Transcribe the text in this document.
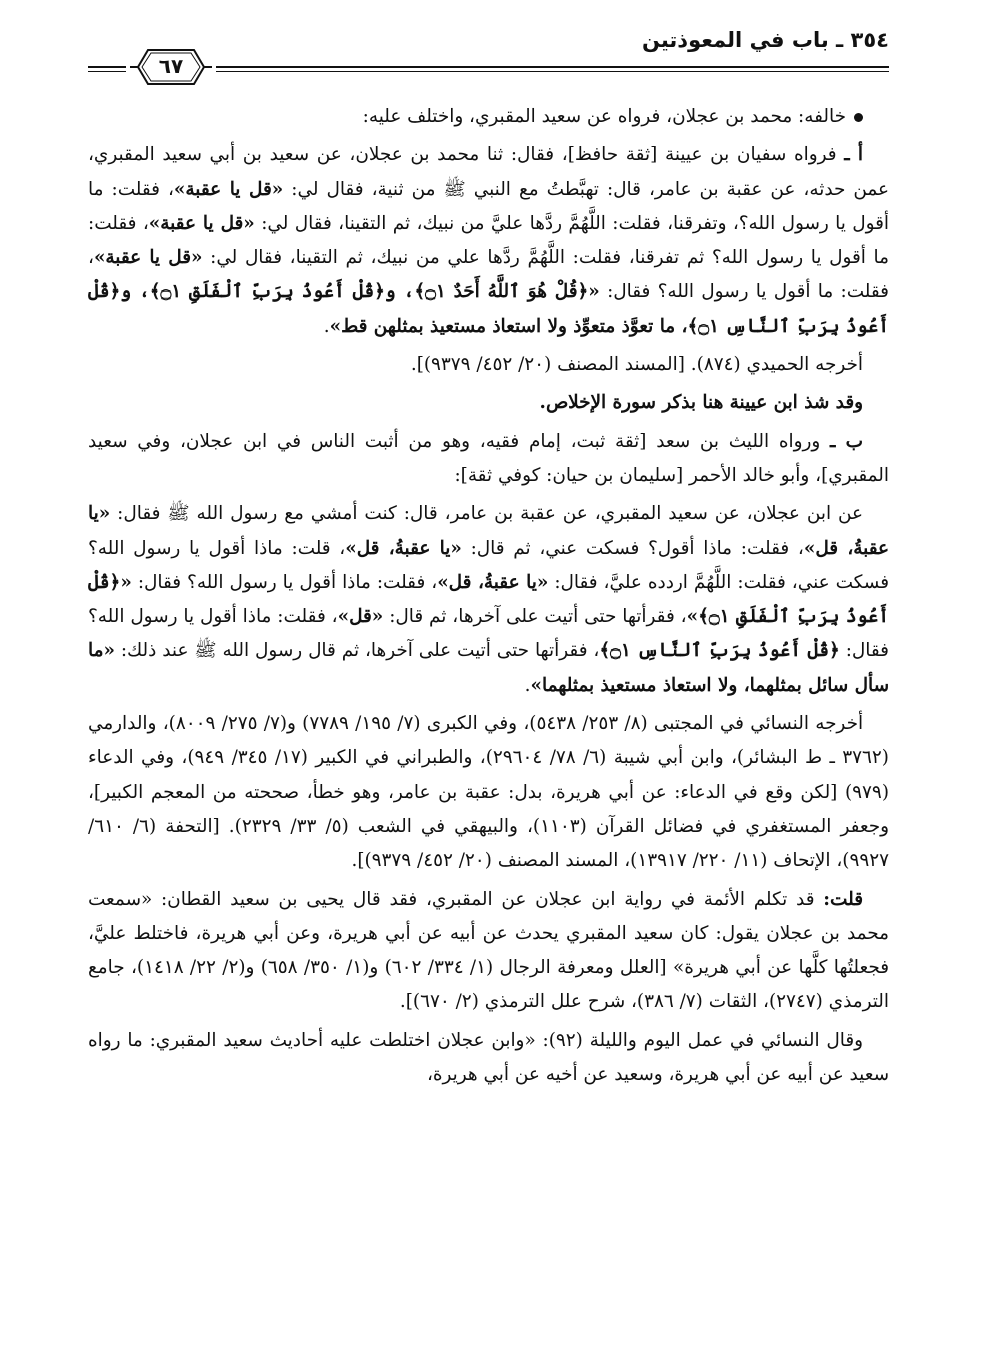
٣٥٤ ـ باب في المعوذتين
٦٧

خالفه: محمد بن عجلان، فرواه عن سعيد المقبري، واختلف عليه:

أ ـ فرواه سفيان بن عيينة [ثقة حافظ]، فقال: ثنا محمد بن عجلان، عن سعيد بن أبي سعيد المقبري، عمن حدثه، عن عقبة بن عامر، قال: تهبَّطتُ مع النبي ﷺ من ثنية، فقال لي: «قل يا عقبة»، فقلت: ما أقول يا رسول الله؟، وتفرقنا، فقلت: اللَّهُمَّ ردَّها عليَّ من نبيك، ثم التقينا، فقال لي: «قل يا عقبة»، فقلت: ما أقول يا رسول الله؟ ثم تفرقنا، فقلت: اللَّهُمَّ ردَّها علي من نبيك، ثم التقينا، فقال لي: «قل يا عقبة»، فقلت: ما أقول يا رسول الله؟ فقال: «﴿قُلْ هُوَ ٱللَّهُ أَحَدٌ ۝١﴾، و﴿قُلْ أَعُوذُ بِرَبِّ ٱلْفَلَقِ ۝١﴾، و﴿قُلْ أَعُوذُ بِرَبِّ ٱلنَّاسِ ۝١﴾، ما تعوَّذ متعوِّذ ولا استعاذ مستعيذ بمثلهن قط».

أخرجه الحميدي (٨٧٤). [المسند المصنف (٢٠/ ٤٥٢/ ٩٣٧٩)].

وقد شذ ابن عيينة هنا بذكر سورة الإخلاص.

ب ـ ورواه الليث بن سعد [ثقة ثبت، إمام فقيه، وهو من أثبت الناس في ابن عجلان، وفي سعيد المقبري]، وأبو خالد الأحمر [سليمان بن حيان: كوفي ثقة]:

عن ابن عجلان، عن سعيد المقبري، عن عقبة بن عامر، قال: كنت أمشي مع رسول الله ﷺ فقال: «يا عقبةُ، قل»، فقلت: ماذا أقول؟ فسكت عني، ثم قال: «يا عقبةُ، قل»، قلت: ماذا أقول يا رسول الله؟ فسكت عني، فقلت: اللَّهُمَّ اردده عليَّ، فقال: «يا عقبةُ، قل»، فقلت: ماذا أقول يا رسول الله؟ فقال: «﴿قُلْ أَعُوذُ بِرَبِّ ٱلْفَلَقِ ۝١﴾»، فقرأتها حتى أتيت على آخرها، ثم قال: «قل»، فقلت: ماذا أقول يا رسول الله؟ فقال: ﴿قُلْ أَعُوذُ بِرَبِّ ٱلنَّاسِ ۝١﴾، فقرأتها حتى أتيت على آخرها، ثم قال رسول الله ﷺ عند ذلك: «ما سأل سائل بمثلهما، ولا استعاذ مستعيذ بمثلهما».

أخرجه النسائي في المجتبى (٨/ ٢٥٣/ ٥٤٣٨)، وفي الكبرى (٧/ ١٩٥/ ٧٧٨٩) و(٧/ ٢٧٥/ ٨٠٠٩)، والدارمي (٣٧٦٢ ـ ط البشائر)، وابن أبي شيبة (٦/ ٧٨/ ٢٩٦٠٤)، والطبراني في الكبير (١٧/ ٣٤٥/ ٩٤٩)، وفي الدعاء (٩٧٩) [لكن وقع في الدعاء: عن أبي هريرة، بدل: عقبة بن عامر، وهو خطأ، صححته من المعجم الكبير]، وجعفر المستغفري في فضائل القرآن (١١٠٣)، والبيهقي في الشعب (٥/ ٣٣/ ٢٣٢٩). [التحفة (٦/ ٦١٠/ ٩٩٢٧)، الإتحاف (١١/ ٢٢٠/ ١٣٩١٧)، المسند المصنف (٢٠/ ٤٥٢/ ٩٣٧٩)].

قلت: قد تكلم الأئمة في رواية ابن عجلان عن المقبري، فقد قال يحيى بن سعيد القطان: «سمعت محمد بن عجلان يقول: كان سعيد المقبري يحدث عن أبيه عن أبي هريرة، وعن أبي هريرة، فاختلط عليَّ، فجعلتُها كلَّها عن أبي هريرة» [العلل ومعرفة الرجال (١/ ٣٣٤/ ٦٠٢) و(١/ ٣٥٠/ ٦٥٨) و(٢/ ٢٢/ ١٤١٨)، جامع الترمذي (٢٧٤٧)، الثقات (٧/ ٣٨٦)، شرح علل الترمذي (٢/ ٦٧٠)].

وقال النسائي في عمل اليوم والليلة (٩٢): «وابن عجلان اختلطت عليه أحاديث سعيد المقبري: ما رواه سعيد عن أبيه عن أبي هريرة، وسعيد عن أخيه عن أبي هريرة،
